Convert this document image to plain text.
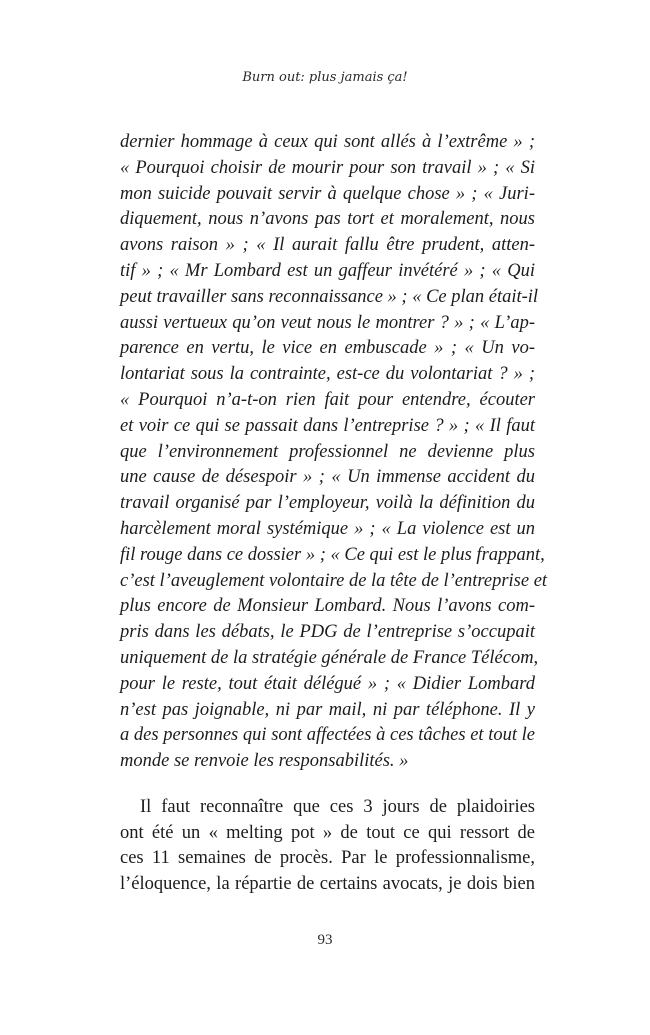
Burn out: plus jamais ça!
dernier hommage à ceux qui sont allés à l’extrême » ;
« Pourquoi choisir de mourir pour son travail » ; « Si
mon suicide pouvait servir à quelque chose » ; « Juri-
diquement, nous n’avons pas tort et moralement, nous
avons raison » ; « Il aurait fallu être prudent, atten-
tif » ; « Mr Lombard est un gaffeur invétéré » ; « Qui
peut travailler sans reconnaissance » ; « Ce plan était-il
aussi vertueux qu’on veut nous le montrer ? » ; « L’ap-
parence en vertu, le vice en embuscade » ; « Un vo-
lontariat sous la contrainte, est-ce du volontariat ? » ;
« Pourquoi n’a-t-on rien fait pour entendre, écouter
et voir ce qui se passait dans l’entreprise ? » ; « Il faut
que l’environnement professionnel ne devienne plus
une cause de désespoir » ; « Un immense accident du
travail organisé par l’employeur, voilà la définition du
harcèlement moral systémique » ; « La violence est un
fil rouge dans ce dossier » ; « Ce qui est le plus frappant,
c’est l’aveuglement volontaire de la tête de l’entreprise et
plus encore de Monsieur Lombard. Nous l’avons com-
pris dans les débats, le PDG de l’entreprise s’occupait
uniquement de la stratégie générale de France Télécom,
pour le reste, tout était délégué » ; « Didier Lombard
n’est pas joignable, ni par mail, ni par téléphone. Il y
a des personnes qui sont affectées à ces tâches et tout le
monde se renvoie les responsabilités. »
Il faut reconnaître que ces 3 jours de plaidoiries
ont été un « melting pot » de tout ce qui ressort de
ces 11 semaines de procès. Par le professionnalisme,
l’éloquence, la répartie de certains avocats, je dois bien
93
